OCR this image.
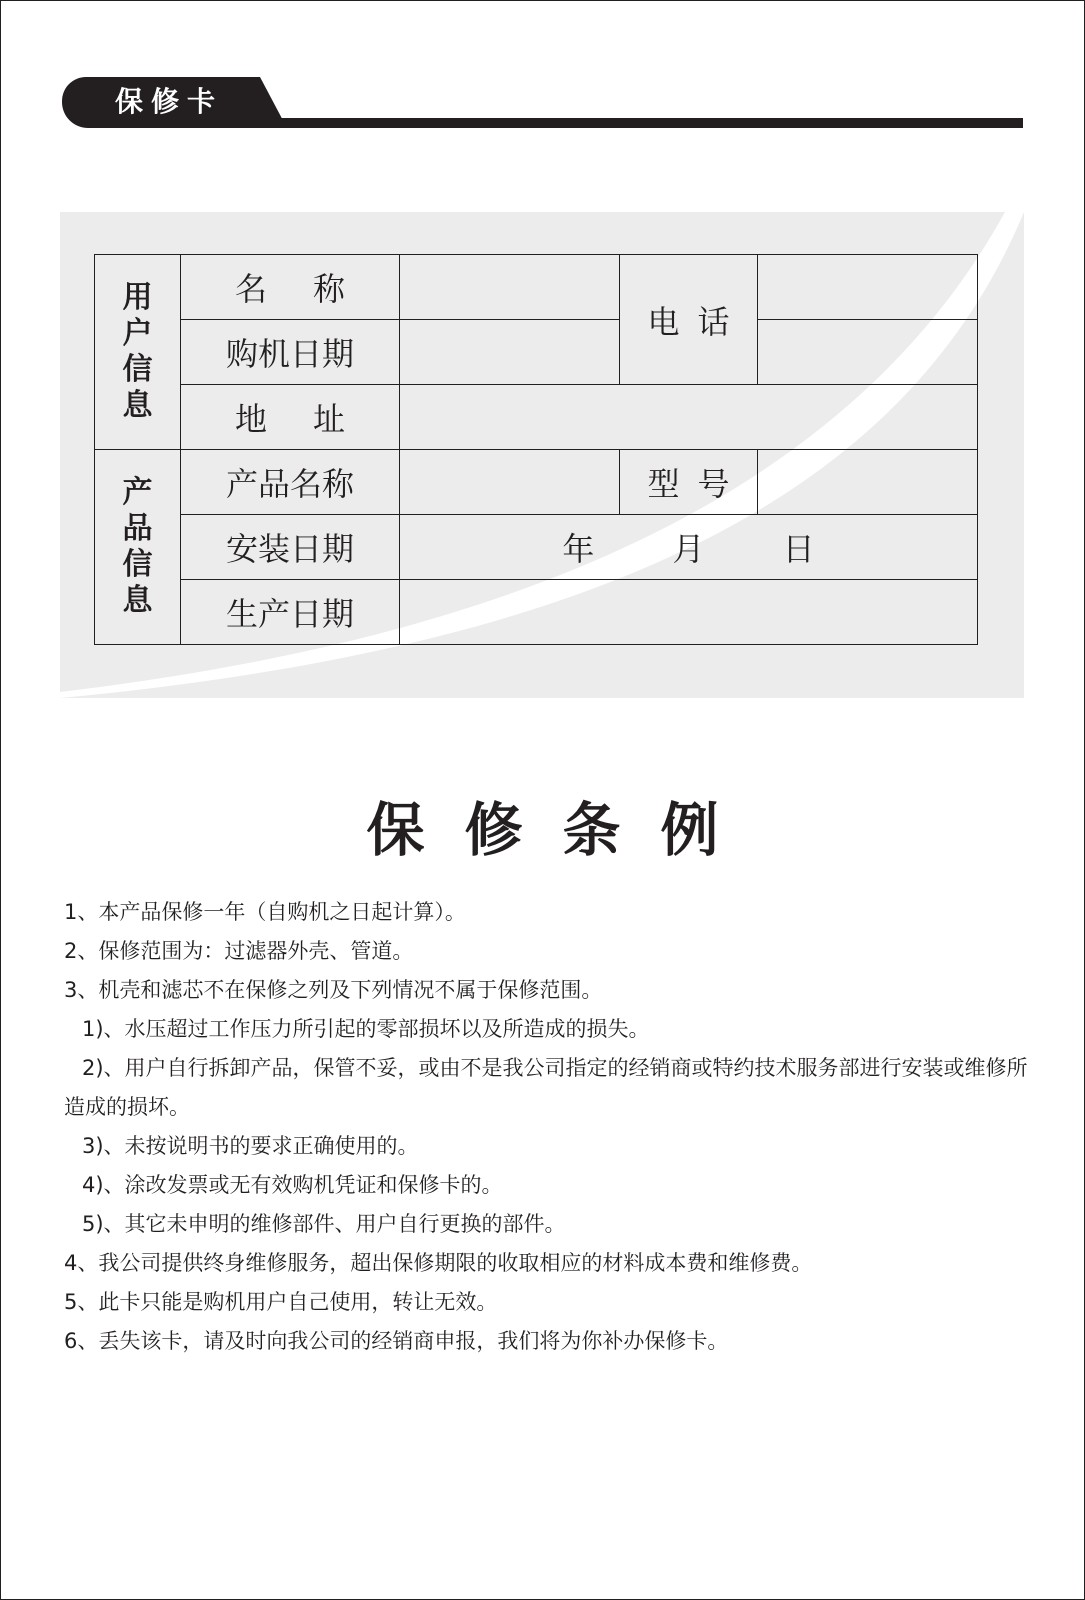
保修卡
用户信息	名称		电话	
	购机日期			
	地址			
产品信息	产品名称		型号	
	安装日期	年 月 日		
	生产日期			
保修条例

1、本产品保修一年（自购机之日起计算）。

2、保修范围为：过滤器外壳、管道。

3、机壳和滤芯不在保修之列及下列情况不属于保修范围。

1)、水压超过工作压力所引起的零部损坏以及所造成的损失。

2)、用户自行拆卸产品，保管不妥，或由不是我公司指定的经销商或特约技术服务部进行安装或维修所造成的损坏。

3)、未按说明书的要求正确使用的。

4)、涂改发票或无有效购机凭证和保修卡的。

5)、其它未申明的维修部件、用户自行更换的部件。

4、我公司提供终身维修服务，超出保修期限的收取相应的材料成本费和维修费。

5、此卡只能是购机用户自己使用，转让无效。

6、丢失该卡，请及时向我公司的经销商申报，我们将为你补办保修卡。
